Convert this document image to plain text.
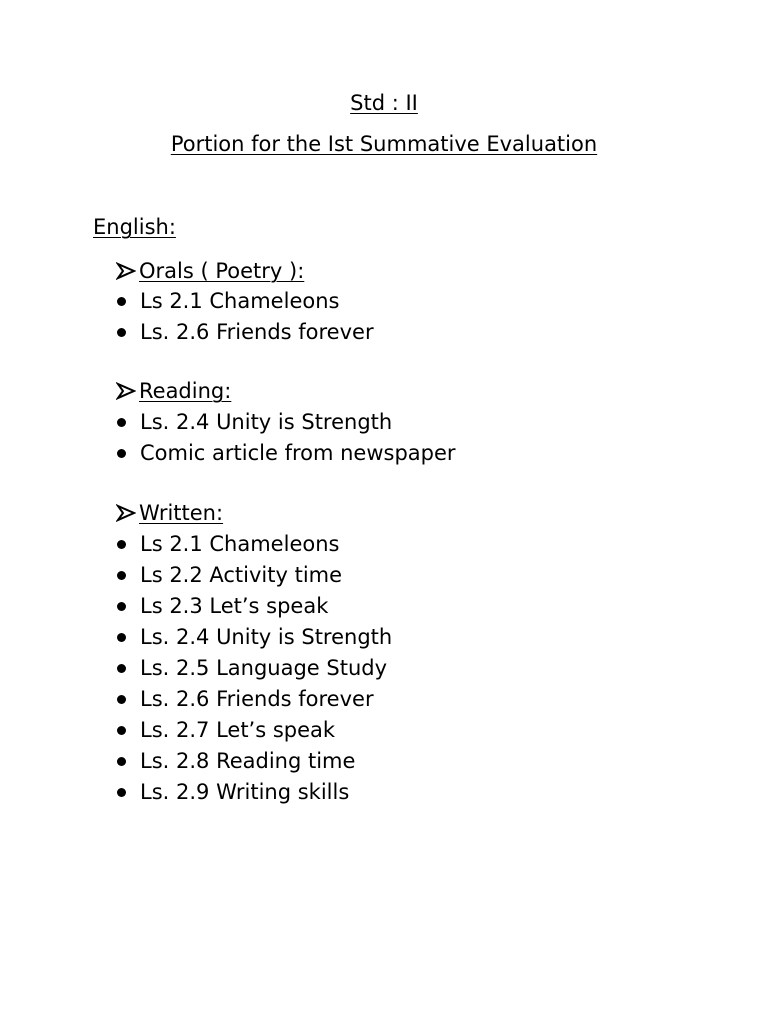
Std : II
Portion for the Ist Summative Evaluation
English:
Orals ( Poetry ):
Ls 2.1 Chameleons
Ls. 2.6 Friends forever
Reading:
Ls. 2.4 Unity is Strength
Comic article from newspaper
Written:
Ls 2.1 Chameleons
Ls 2.2 Activity time
Ls 2.3 Let’s speak
Ls. 2.4 Unity is Strength
Ls. 2.5 Language Study
Ls. 2.6 Friends forever
Ls. 2.7 Let’s speak
Ls. 2.8 Reading time
Ls. 2.9 Writing skills
